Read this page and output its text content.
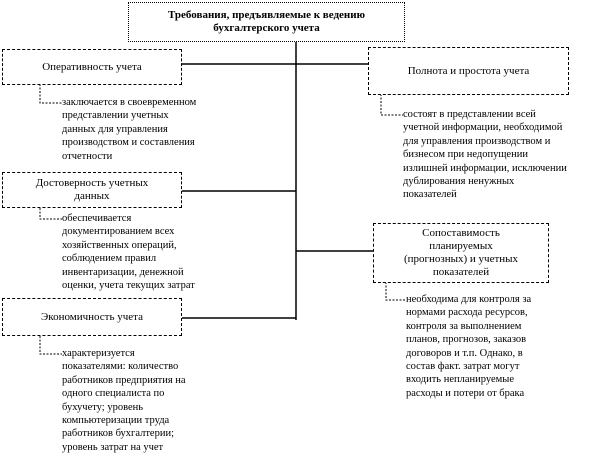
Требования, предъявляемые к ведению
бухгалтерского учета
Оперативность учета
заключается в своевременном
представлении учетных
данных для управления
производством и составления
отчетности
Полнота и простота учета
состоят в представлении всей
учетной информации, необходимой
для управления производством и
бизнесом при недопущении
излишней информации, исключении
дублирования ненужных
показателей
Достоверность учетных
данных
обеспечивается
документированием всех
хозяйственных операций,
соблюдением правил
инвентаризации, денежной
оценки, учета текущих затрат
Сопоставимость
планируемых
(прогнозных) и учетных
показателей
необходима для контроля за
нормами расхода ресурсов,
контроля за выполнением
планов, прогнозов, заказов
договоров и т.п. Однако, в
состав факт. затрат могут
входить непланируемые
расходы и потери от брака
Экономичность учета
характеризуется
показателями: количество
работников предприятия на
одного специалиста по
бухучету; уровень
компьютеризации труда
работников бухгалтерии;
уровень затрат на учет
